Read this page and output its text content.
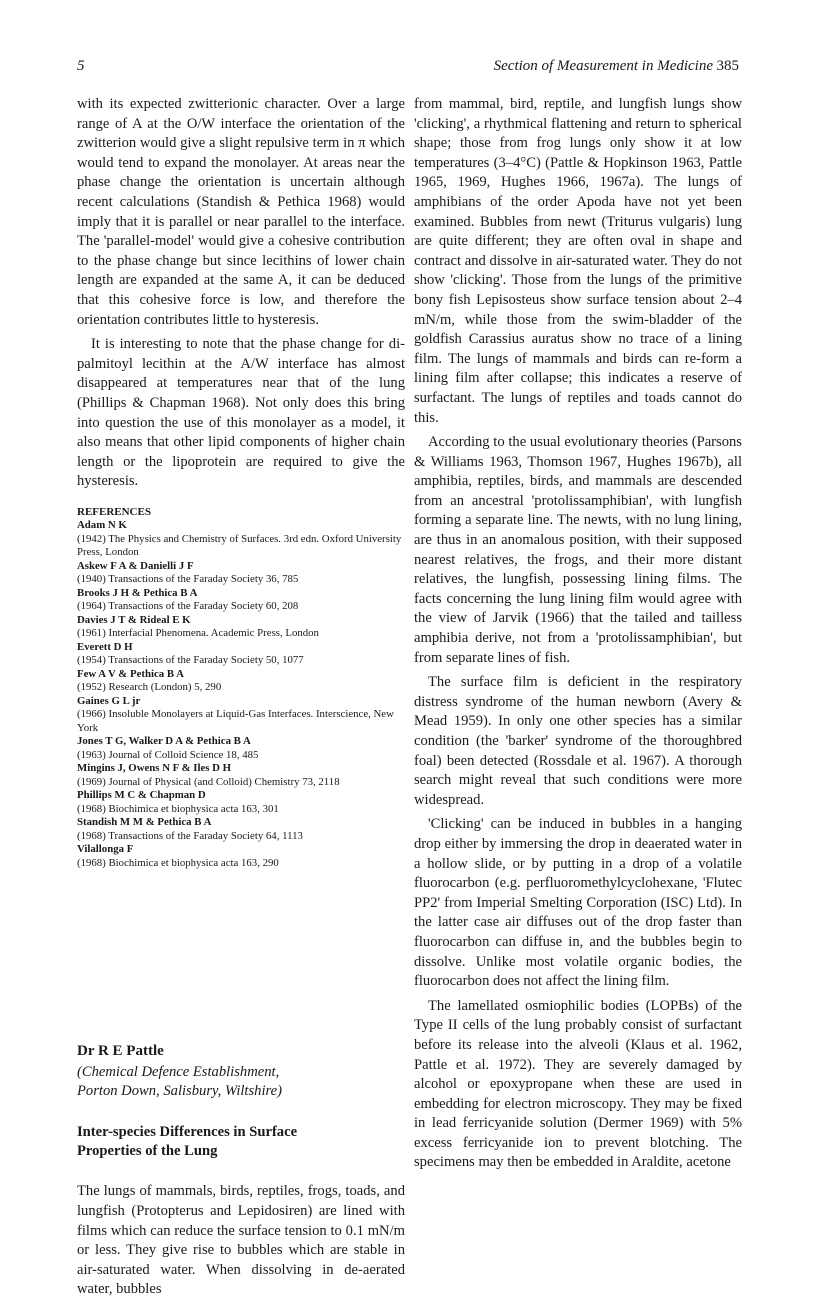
5	Section of Measurement in Medicine 385

with its expected zwitterionic character. Over a large range of A at the O/W interface the orientation of the zwitterion would give a slight repulsive term in π which would tend to expand the monolayer. At areas near the phase change the orientation is uncertain although recent calculations (Standish & Pethica 1968) would imply that it is parallel or near parallel to the interface. The 'parallel-model' would give a cohesive contribution to the phase change but since lecithins of lower chain length are expanded at the same A, it can be deduced that this cohesive force is low, and therefore the orientation contributes little to hysteresis.

It is interesting to note that the phase change for di-palmitoyl lecithin at the A/W interface has almost disappeared at temperatures near that of the lung (Phillips & Chapman 1968). Not only does this bring into question the use of this monolayer as a model, it also means that other lipid components of higher chain length or the lipoprotein are required to give the hysteresis.

REFERENCES

Adam N K
(1942) The Physics and Chemistry of Surfaces. 3rd edn. Oxford University Press, London
Askew F A & Danielli J F
(1940) Transactions of the Faraday Society 36, 785
Brooks J H & Pethica B A
(1964) Transactions of the Faraday Society 60, 208
Davies J T & Rideal E K
(1961) Interfacial Phenomena. Academic Press, London
Everett D H
(1954) Transactions of the Faraday Society 50, 1077
Few A V & Pethica B A
(1952) Research (London) 5, 290
Gaines G L jr
(1966) Insoluble Monolayers at Liquid-Gas Interfaces. Interscience, New York
Jones T G, Walker D A & Pethica B A
(1963) Journal of Colloid Science 18, 485
Mingins J, Owens N F & Iles D H
(1969) Journal of Physical (and Colloid) Chemistry 73, 2118
Phillips M C & Chapman D
(1968) Biochimica et biophysica acta 163, 301
Standish M M & Pethica B A
(1968) Transactions of the Faraday Society 64, 1113
Vilallonga F
(1968) Biochimica et biophysica acta 163, 290

Dr R E Pattle

(Chemical Defence Establishment,

Porton Down, Salisbury, Wiltshire)

Inter-species Differences in Surface
Properties of the Lung

The lungs of mammals, birds, reptiles, frogs, toads, and lungfish (Protopterus and Lepidosiren) are lined with films which can reduce the surface tension to 0.1 mN/m or less. They give rise to bubbles which are stable in air-saturated water. When dissolving in de-aerated water, bubbles

from mammal, bird, reptile, and lungfish lungs show 'clicking', a rhythmical flattening and return to spherical shape; those from frog lungs only show it at low temperatures (3–4°C) (Pattle & Hopkinson 1963, Pattle 1965, 1969, Hughes 1966, 1967a). The lungs of amphibians of the order Apoda have not yet been examined. Bubbles from newt (Triturus vulgaris) lung are quite different; they are often oval in shape and contract and dissolve in air-saturated water. They do not show 'clicking'. Those from the lungs of the primitive bony fish Lepisosteus show surface tension about 2–4 mN/m, while those from the swim-bladder of the goldfish Carassius auratus show no trace of a lining film. The lungs of mammals and birds can re-form a lining film after collapse; this indicates a reserve of surfactant. The lungs of reptiles and toads cannot do this.

According to the usual evolutionary theories (Parsons & Williams 1963, Thomson 1967, Hughes 1967b), all amphibia, reptiles, birds, and mammals are descended from an ancestral 'protolissamphibian', with lungfish forming a separate line. The newts, with no lung lining, are thus in an anomalous position, with their supposed nearest relatives, the frogs, and their more distant relatives, the lungfish, possessing lining films. The facts concerning the lung lining film would agree with the view of Jarvik (1966) that the tailed and tailless amphibia derive, not from a 'protolissamphibian', but from separate lines of fish.

The surface film is deficient in the respiratory distress syndrome of the human newborn (Avery & Mead 1959). In only one other species has a similar condition (the 'barker' syndrome of the thoroughbred foal) been detected (Rossdale et al. 1967). A thorough search might reveal that such conditions were more widespread.

'Clicking' can be induced in bubbles in a hanging drop either by immersing the drop in deaerated water in a hollow slide, or by putting in a drop of a volatile fluorocarbon (e.g. perfluoromethylcyclohexane, 'Flutec PP2' from Imperial Smelting Corporation (ISC) Ltd). In the latter case air diffuses out of the drop faster than fluorocarbon can diffuse in, and the bubbles begin to dissolve. Unlike most volatile organic bodies, the fluorocarbon does not affect the lining film.

The lamellated osmiophilic bodies (LOPBs) of the Type II cells of the lung probably consist of surfactant before its release into the alveoli (Klaus et al. 1962, Pattle et al. 1972). They are severely damaged by alcohol or epoxypropane when these are used in embedding for electron microscopy. They may be fixed in lead ferricyanide solution (Dermer 1969) with 5% excess ferricyanide ion to prevent blotching. The specimens may then be embedded in Araldite, acetone
